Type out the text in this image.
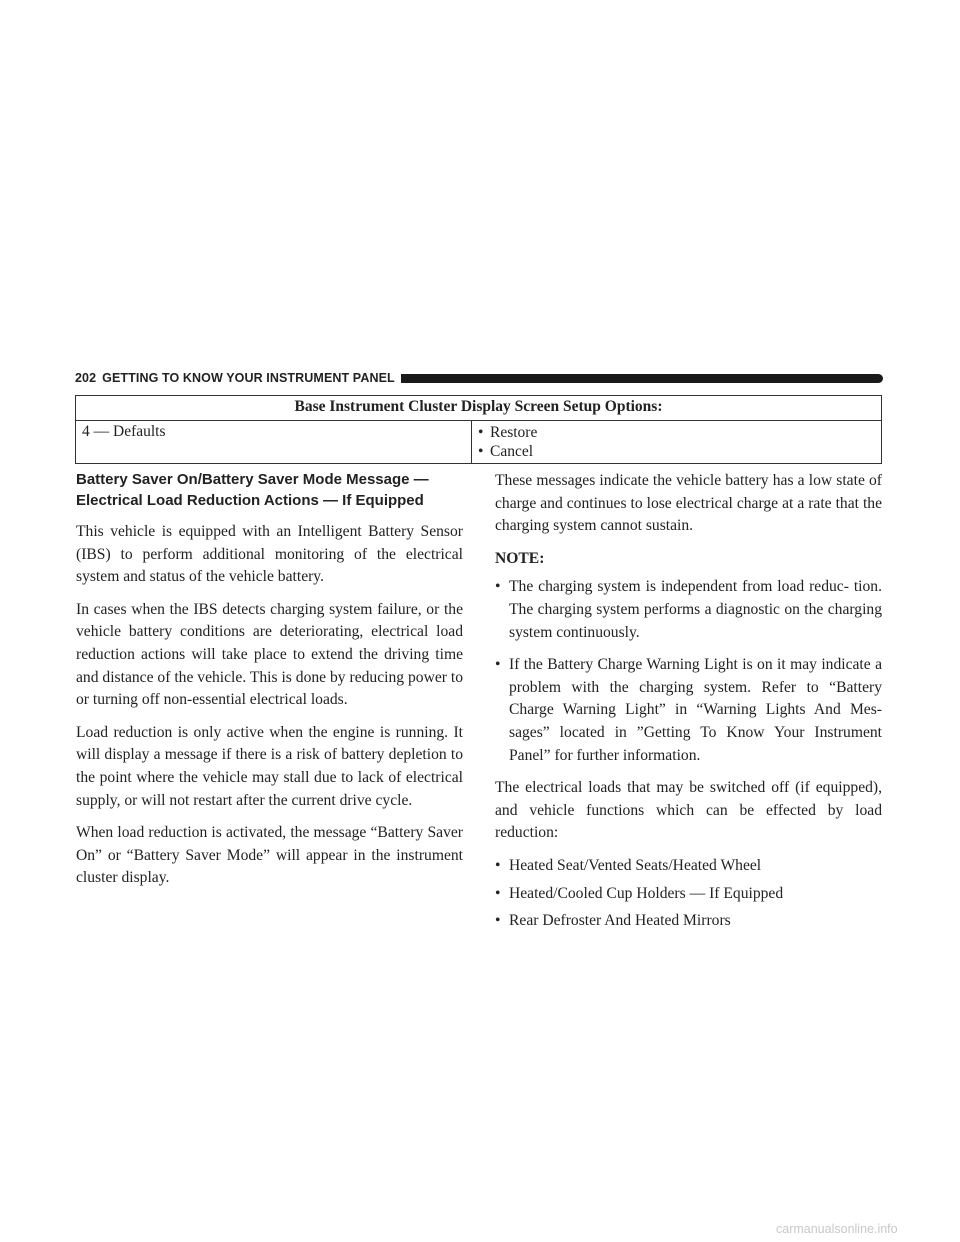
202 GETTING TO KNOW YOUR INSTRUMENT PANEL
Base Instrument Cluster Display Screen Setup Options:
4 — Defaults	• Restore
• Cancel
Battery Saver On/Battery Saver Mode Message — Electrical Load Reduction Actions — If Equipped

This vehicle is equipped with an Intelligent Battery Sensor (IBS) to perform additional monitoring of the electrical system and status of the vehicle battery.

In cases when the IBS detects charging system failure, or the vehicle battery conditions are deteriorating, electrical load reduction actions will take place to extend the driving time and distance of the vehicle. This is done by reducing power to or turning off non-essential electrical loads.

Load reduction is only active when the engine is running. It will display a message if there is a risk of battery depletion to the point where the vehicle may stall due to lack of electrical supply, or will not restart after the current drive cycle.

When load reduction is activated, the message “Battery Saver On” or “Battery Saver Mode” will appear in the instrument cluster display.

These messages indicate the vehicle battery has a low state of charge and continues to lose electrical charge at a rate that the charging system cannot sustain.

NOTE:

• The charging system is independent from load reduc- tion. The charging system performs a diagnostic on the charging system continuously.
• If the Battery Charge Warning Light is on it may indicate a problem with the charging system. Refer to “Battery Charge Warning Light” in “Warning Lights And Mes- sages” located in ”Getting To Know Your Instrument Panel” for further information.

The electrical loads that may be switched off (if equipped), and vehicle functions which can be effected by load reduction:

• Heated Seat/Vented Seats/Heated Wheel
• Heated/Cooled Cup Holders — If Equipped
• Rear Defroster And Heated Mirrors
carmanualsonline.info
